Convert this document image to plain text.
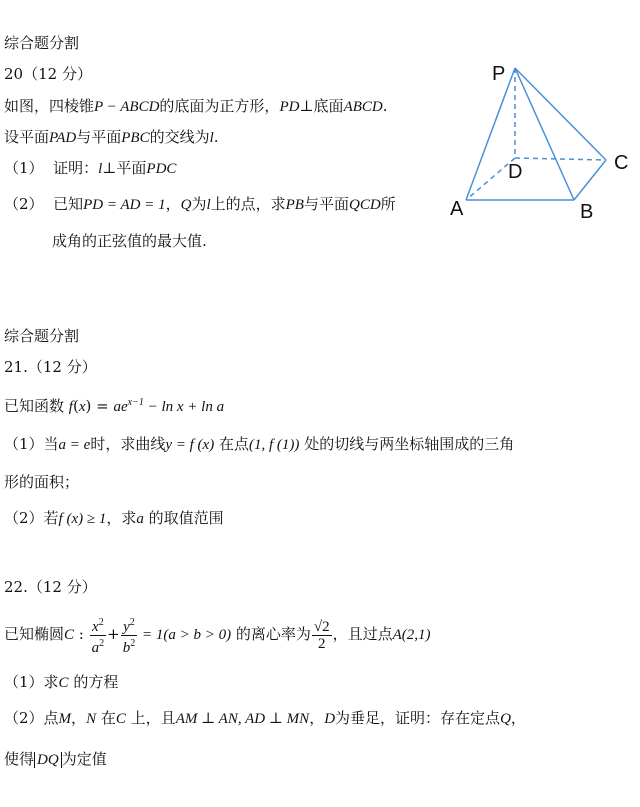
综合题分割
20（12 分）
如图，四棱锥P − ABCD的底面为正方形，PD⊥底面ABCD.
设平面PAD与平面PBC的交线为l.
（1） 证明：l⊥平面PDC
（2） 已知PD = AD = 1，Q为l上的点，求PB与平面QCD所
成角的正弦值的最大值.
P
A	B
C
D
综合题分割
21.（12 分）
已知函数 $f(x) = ae^{x-1} - \ln x + \ln a$
（1）当a = e时，求曲线y = f (x) 在点(1, f (1)) 处的切线与两坐标轴围成的三角
形的面积；
（2）若f (x) ≥ 1，求a 的取值范围
22.（12 分）
已知椭圆C : $\frac{x^2}{a^2} + \frac{y^2}{b^2} = 1(a > b > 0)$ 的离心率为 $\frac{√2}{2}$ ，且过点A(2,1)
（1）求C 的方程
（2）点M，N 在C 上，且AM ⊥ AN, AD ⊥ MN，D为垂足，证明：存在定点Q，
使得 DQ 为定值
